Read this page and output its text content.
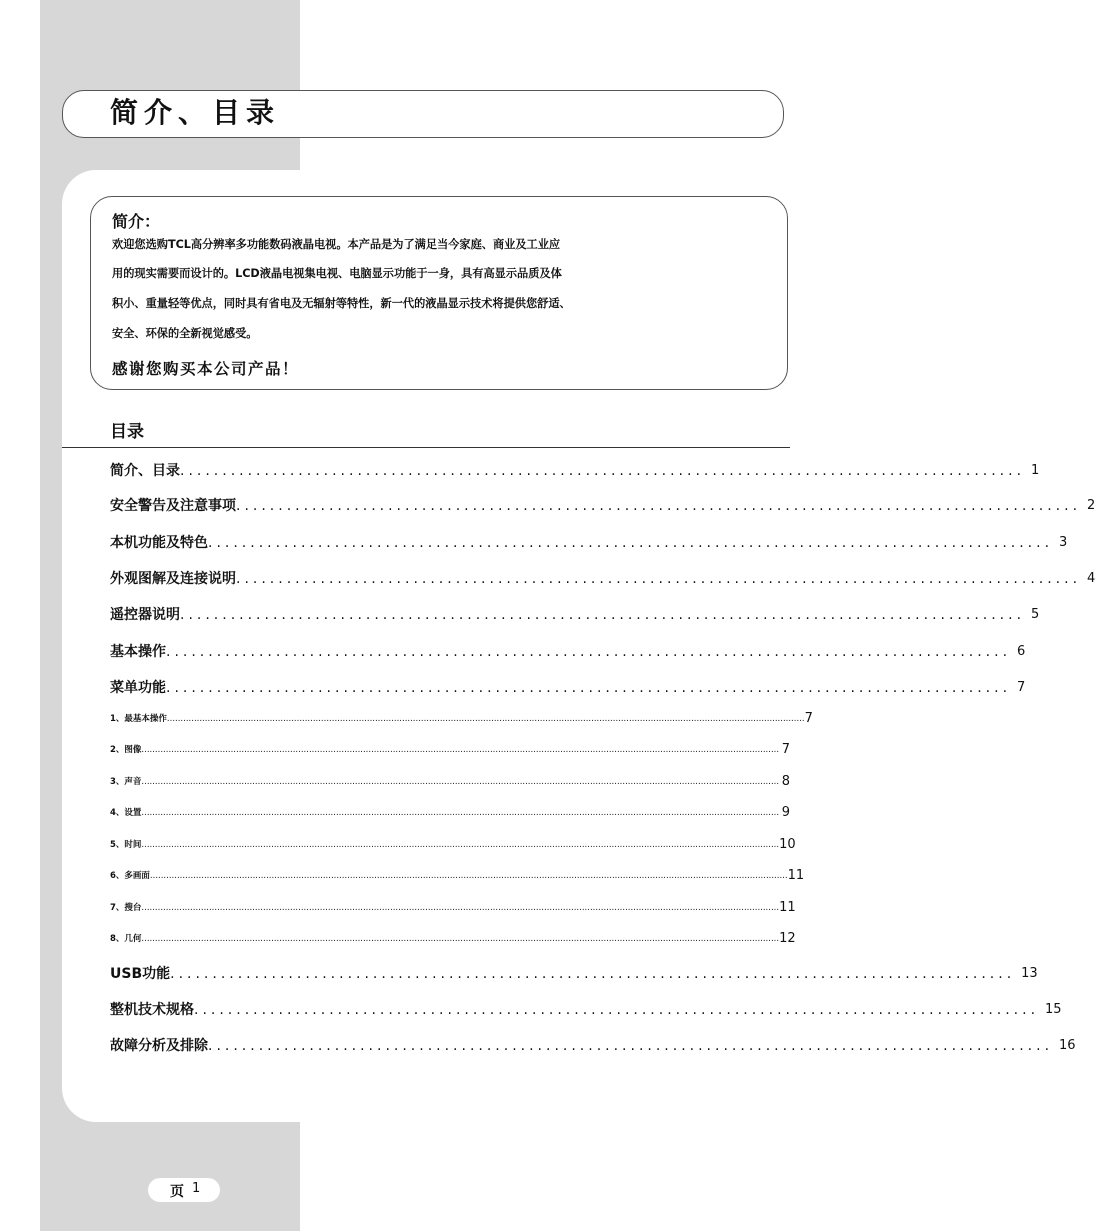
简介、目录
简介：
欢迎您选购TCL高分辨率多功能数码液晶电视。本产品是为了满足当今家庭、商业及工业应
用的现实需要而设计的。LCD液晶电视集电视、电脑显示功能于一身，具有高显示品质及体
积小、重量轻等优点，同时具有省电及无辐射等特性，新一代的液晶显示技术将提供您舒适、
安全、环保的全新视觉感受。
感谢您购买本公司产品！
目录
简介、目录 .................................................................................................... 1
安全警告及注意事项 .................................................................................................... 2
本机功能及特色 .................................................................................................... 3
外观图解及连接说明 .................................................................................................... 4
遥控器说明 .................................................................................................... 5
基本操作 .................................................................................................... 6
菜单功能 .................................................................................................... 7
1、最基本操作 ............................................................................................................................................................................................................................................ 7
2、图像 ............................................................................................................................................................................................................................................ 7
3、声音 ............................................................................................................................................................................................................................................ 8
4、设置 ............................................................................................................................................................................................................................................ 9
5、时间 ............................................................................................................................................................................................................................................ 10
6、多画面 ............................................................................................................................................................................................................................................ 11
7、搜台 ............................................................................................................................................................................................................................................ 11
8、几何 ............................................................................................................................................................................................................................................ 12
USB功能 .................................................................................................... 13
整机技术规格 .................................................................................................... 15
故障分析及排除 .................................................................................................... 16
页 1
